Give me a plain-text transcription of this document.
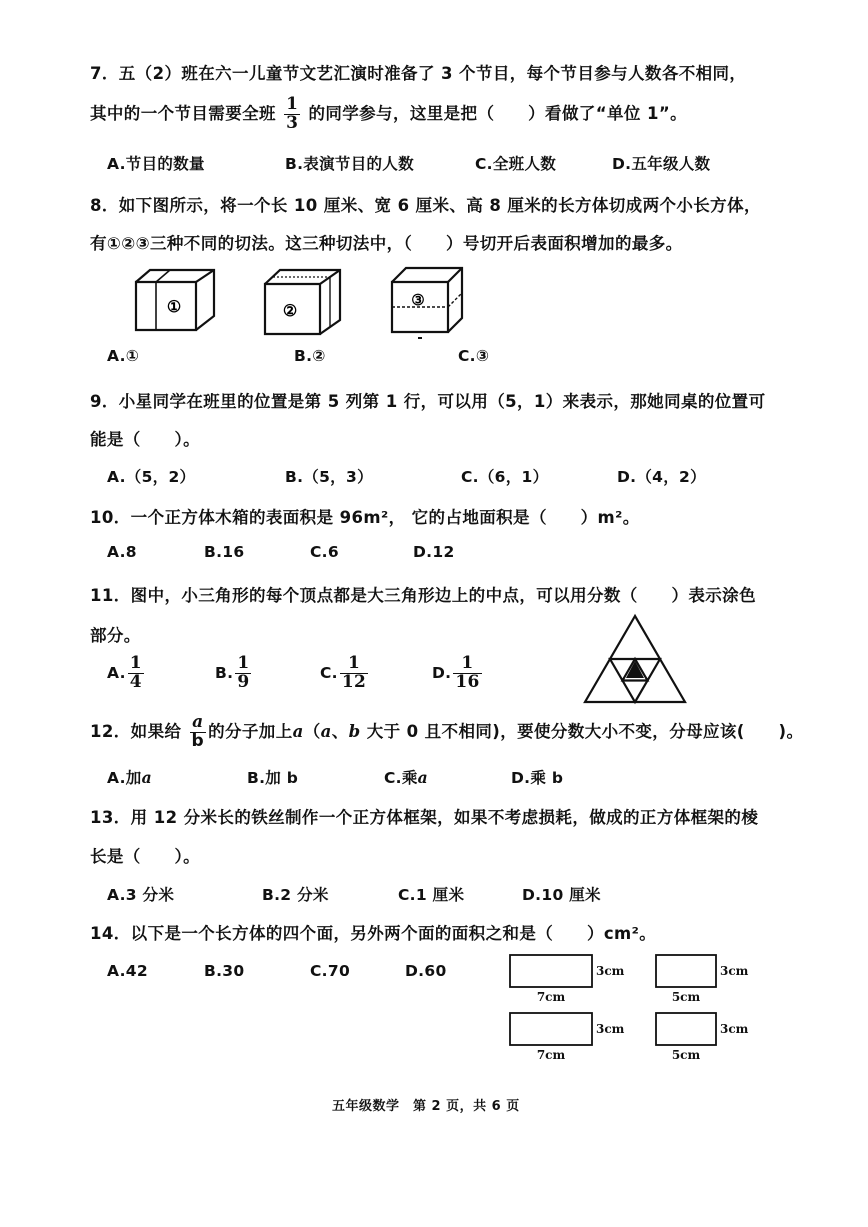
7．五（2）班在六一儿童节文艺汇演时准备了 3 个节目，每个节目参与人数各不相同，
其中的一个节目需要全班 $\frac{1}{3}$ 的同学参与，这里是把（　　）看做了“单位 1”。
A.节目的数量	B.表演节目的人数	C.全班人数	D.五年级人数
8．如下图所示，将一个长 10 厘米、宽 6 厘米、高 8 厘米的长方体切成两个小长方体，
有①②③三种不同的切法。这三种切法中，（　　）号切开后表面积增加的最多。
①	②
③
A.①	B.②	C.③
9．小星同学在班里的位置是第 5 列第 1 行，可以用（5，1）来表示，那她同桌的位置可
能是（　　）。
A.（5，2）	B.（5，3）	C.（6，1）	D.（4，2）
10．一个正方体木箱的表面积是 96m²， 它的占地面积是（　　）m²。
A.8	B.16	C.6	D.12
11．图中，小三角形的每个顶点都是大三角形边上的中点，可以用分数（　　）表示涂色
部分。
A. $\frac{1}{4}$	B. $\frac{1}{9}$	C. $\frac{1}{12}$	D. $\frac{1}{16}$
12．如果给 $\frac{a}{b}$ 的分子加上a（a、b 大于 0 且不相同)，要使分数大小不变，分母应该(　　)。
A.加a	B.加 b	C.乘a	D.乘 b
13．用 12 分米长的铁丝制作一个正方体框架，如果不考虑损耗，做成的正方体框架的棱
长是（　　）。
A.3 分米	B.2 分米	C.1 厘米	D.10 厘米
14．以下是一个长方体的四个面，另外两个面的面积之和是（　　）cm²。
A.42	B.30	C.70	D.60	3cm
7cm
3cm
5cm
3cm
7cm
3cm
5cm
五年级数学　第 2 页，共 6 页
